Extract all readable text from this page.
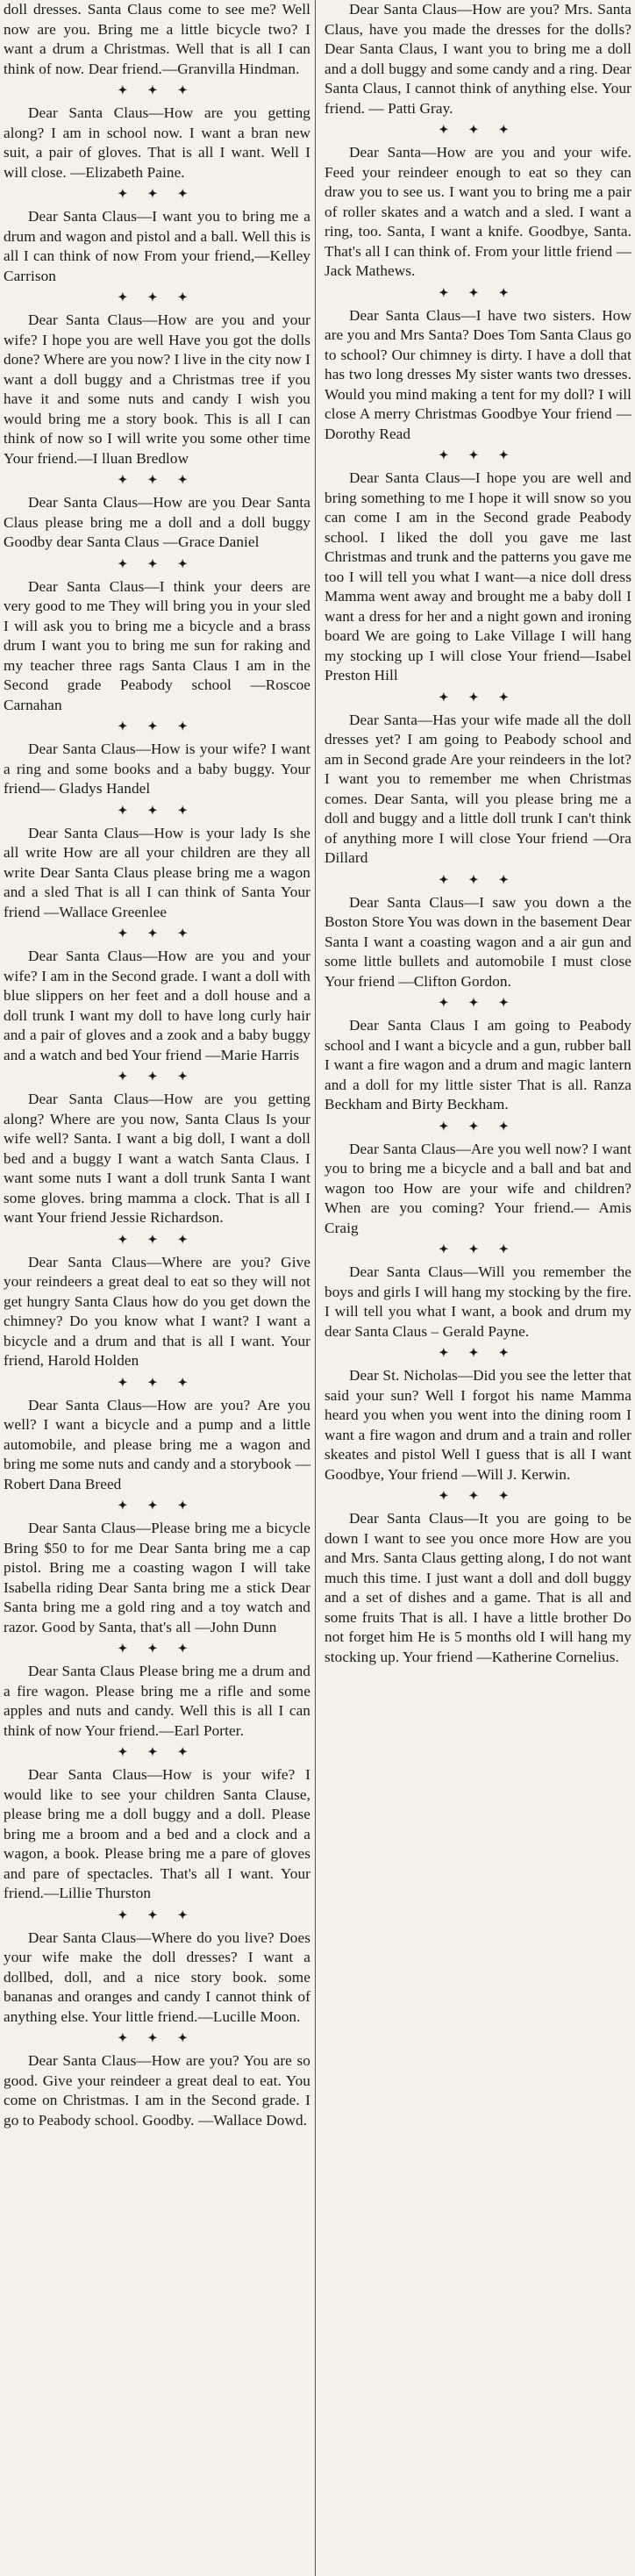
doll dresses. Santa Claus come to see me? Well now are you. Bring me a little bicycle two? I want a drum a Christmas. Well that is all I can think of now. Dear friend.—Granvilla Hindman.

✦ ✦ ✦

Dear Santa Claus—How are you getting along? I am in school now. I want a bran new suit, a pair of gloves. That is all I want. Well I will close. —Elizabeth Paine.

✦ ✦ ✦

Dear Santa Claus—I want you to bring me a drum and wagon and pistol and a ball. Well this is all I can think of now From your friend,—Kelley Carrison

✦ ✦ ✦

Dear Santa Claus—How are you and your wife? I hope you are well Have you got the dolls done? Where are you now? I live in the city now I want a doll buggy and a Christmas tree if you have it and some nuts and candy I wish you would bring me a story book. This is all I can think of now so I will write you some other time Your friend.—I lluan Bredlow

✦ ✦ ✦

Dear Santa Claus—How are you Dear Santa Claus please bring me a doll and a doll buggy Goodby dear Santa Claus —Grace Daniel

✦ ✦ ✦

Dear Santa Claus—I think your deers are very good to me They will bring you in your sled I will ask you to bring me a bicycle and a brass drum I want you to bring me sun for raking and my teacher three rags Santa Claus I am in the Second grade Peabody school —Roscoe Carnahan

✦ ✦ ✦

Dear Santa Claus—How is your wife? I want a ring and some books and a baby buggy. Your friend— Gladys Handel

✦ ✦ ✦

Dear Santa Claus—How is your lady Is she all write How are all your children are they all write Dear Santa Claus please bring me a wagon and a sled That is all I can think of Santa Your friend —Wallace Greenlee

✦ ✦ ✦

Dear Santa Claus—How are you and your wife? I am in the Second grade. I want a doll with blue slippers on her feet and a doll house and a doll trunk I want my doll to have long curly hair and a pair of gloves and a zook and a baby buggy and a watch and bed Your friend —Marie Harris

✦ ✦ ✦

Dear Santa Claus—How are you getting along? Where are you now, Santa Claus Is your wife well? Santa. I want a big doll, I want a doll bed and a buggy I want a watch Santa Claus. I want some nuts I want a doll trunk Santa I want some gloves. bring mamma a clock. That is all I want Your friend Jessie Richardson.

✦ ✦ ✦

Dear Santa Claus—Where are you? Give your reindeers a great deal to eat so they will not get hungry Santa Claus how do you get down the chimney? Do you know what I want? I want a bicycle and a drum and that is all I want. Your friend, Harold Holden

✦ ✦ ✦

Dear Santa Claus—How are you? Are you well? I want a bicycle and a pump and a little automobile, and please bring me a wagon and bring me some nuts and candy and a storybook —Robert Dana Breed

✦ ✦ ✦

Dear Santa Claus—Please bring me a bicycle Bring $50 to for me Dear Santa bring me a cap pistol. Bring me a coasting wagon I will take Isabella riding Dear Santa bring me a stick Dear Santa bring me a gold ring and a toy watch and razor. Good by Santa, that's all —John Dunn

✦ ✦ ✦

Dear Santa Claus Please bring me a drum and a fire wagon. Please bring me a rifle and some apples and nuts and candy. Well this is all I can think of now Your friend.—Earl Porter.

✦ ✦ ✦

Dear Santa Claus—How is your wife? I would like to see your children Santa Clause, please bring me a doll buggy and a doll. Please bring me a broom and a bed and a clock and a wagon, a book. Please bring me a pare of gloves and pare of spectacles. That's all I want. Your friend.—Lillie Thurston

✦ ✦ ✦

Dear Santa Claus—Where do you live? Does your wife make the doll dresses? I want a dollbed, doll, and a nice story book. some bananas and oranges and candy I cannot think of anything else. Your little friend.—Lucille Moon.

✦ ✦ ✦

Dear Santa Claus—How are you? You are so good. Give your reindeer a great deal to eat. You come on Christmas. I am in the Second grade. I go to Peabody school. Goodby. —Wallace Dowd.

Dear Santa Claus—How are you? Mrs. Santa Claus, have you made the dresses for the dolls? Dear Santa Claus, I want you to bring me a doll and a doll buggy and some candy and a ring. Dear Santa Claus, I cannot think of anything else. Your friend. — Patti Gray.

✦ ✦ ✦

Dear Santa—How are you and your wife. Feed your reindeer enough to eat so they can draw you to see us. I want you to bring me a pair of roller skates and a watch and a sled. I want a ring, too. Santa, I want a knife. Goodbye, Santa. That's all I can think of. From your little friend —Jack Mathews.

✦ ✦ ✦

Dear Santa Claus—I have two sisters. How are you and Mrs Santa? Does Tom Santa Claus go to school? Our chimney is dirty. I have a doll that has two long dresses My sister wants two dresses. Would you mind making a tent for my doll? I will close A merry Christmas Goodbye Your friend —Dorothy Read

✦ ✦ ✦

Dear Santa Claus—I hope you are well and bring something to me I hope it will snow so you can come I am in the Second grade Peabody school. I liked the doll you gave me last Christmas and trunk and the patterns you gave me too I will tell you what I want—a nice doll dress Mamma went away and brought me a baby doll I want a dress for her and a night gown and ironing board We are going to Lake Village I will hang my stocking up I will close Your friend—Isabel Preston Hill

✦ ✦ ✦

Dear Santa—Has your wife made all the doll dresses yet? I am going to Peabody school and am in Second grade Are your reindeers in the lot? I want you to remember me when Christmas comes. Dear Santa, will you please bring me a doll and buggy and a little doll trunk I can't think of anything more I will close Your friend —Ora Dillard

✦ ✦ ✦

Dear Santa Claus—I saw you down a the Boston Store You was down in the basement Dear Santa I want a coasting wagon and a air gun and some little bullets and automobile I must close Your friend —Clifton Gordon.

✦ ✦ ✦

Dear Santa Claus I am going to Peabody school and I want a bicycle and a gun, rubber ball I want a fire wagon and a drum and magic lantern and a doll for my little sister That is all. Ranza Beckham and Birty Beckham.

✦ ✦ ✦

Dear Santa Claus—Are you well now? I want you to bring me a bicycle and a ball and bat and wagon too How are your wife and children? When are you coming? Your friend.— Amis Craig

✦ ✦ ✦

Dear Santa Claus—Will you remember the boys and girls I will hang my stocking by the fire. I will tell you what I want, a book and drum my dear Santa Claus – Gerald Payne.

✦ ✦ ✦

Dear St. Nicholas—Did you see the letter that said your sun? Well I forgot his name Mamma heard you when you went into the dining room I want a fire wagon and drum and a train and roller skeates and pistol Well I guess that is all I want Goodbye, Your friend —Will J. Kerwin.

✦ ✦ ✦

Dear Santa Claus—It you are going to be down I want to see you once more How are you and Mrs. Santa Claus getting along, I do not want much this time. I just want a doll and doll buggy and a set of dishes and a game. That is all and some fruits That is all. I have a little brother Do not forget him He is 5 months old I will hang my stocking up. Your friend —Katherine Cornelius.
